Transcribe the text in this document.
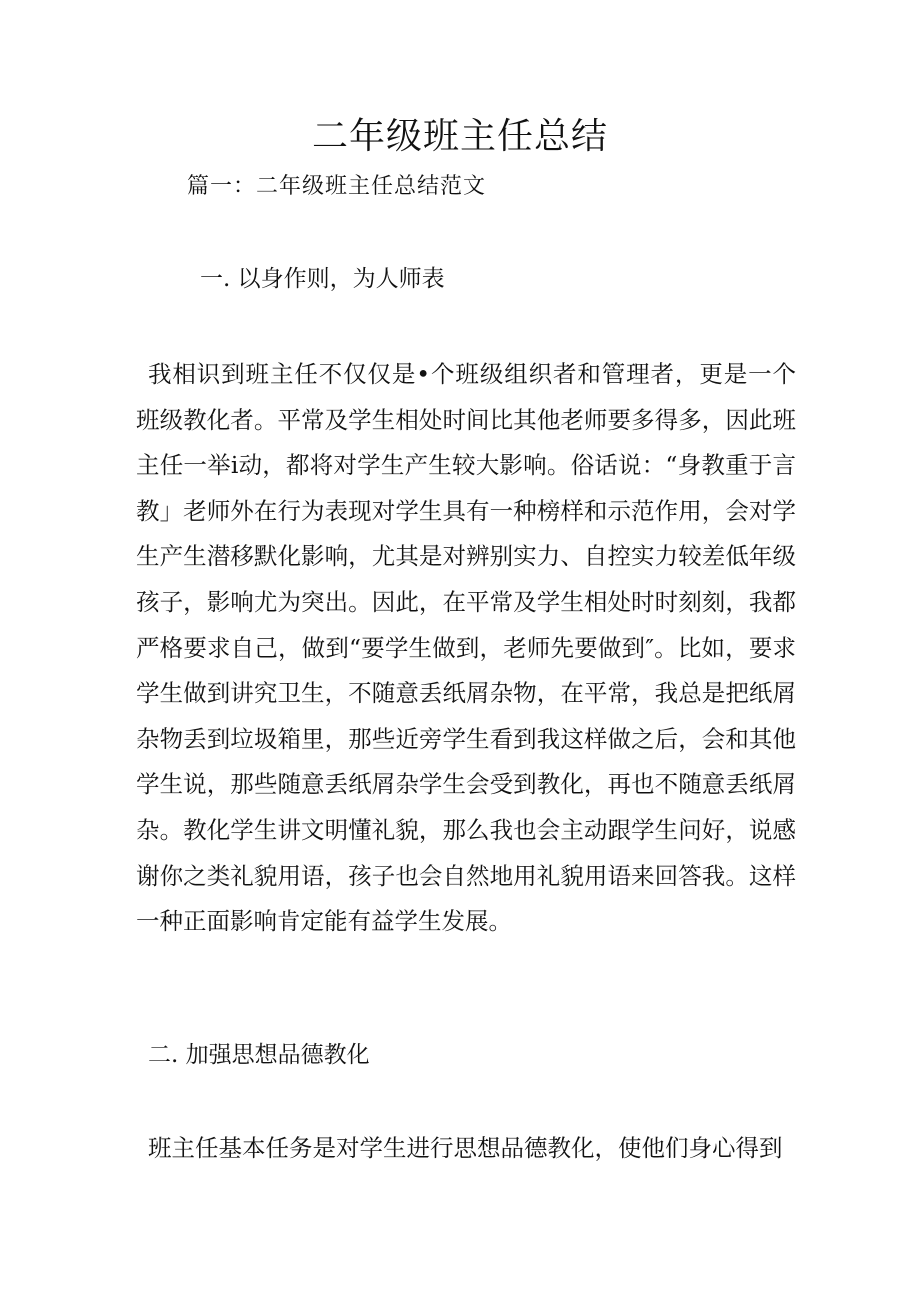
二年级班主任总结
篇一：二年级班主任总结范文
一. 以身作则，为人师表
我相识到班主任不仅仅是•个班级组织者和管理者，更是一个班级教化者。平常及学生相处时间比其他老师要多得多，因此班主任一举i动，都将对学生产生较大影响。俗话说：“身教重于言教」老师外在行为表现对学生具有一种榜样和示范作用，会对学生产生潜移默化影响，尤其是对辨别实力、自控实力较差低年级孩子，影响尤为突出。因此，在平常及学生相处时时刻刻，我都严格要求自己，做到“要学生做到，老师先要做到″。比如，要求学生做到讲究卫生，不随意丢纸屑杂物，在平常，我总是把纸屑杂物丢到垃圾箱里，那些近旁学生看到我这样做之后，会和其他学生说，那些随意丢纸屑杂学生会受到教化，再也不随意丢纸屑杂。教化学生讲文明懂礼貌，那么我也会主动跟学生问好，说感谢你之类礼貌用语，孩子也会自然地用礼貌用语来回答我。这样一种正面影响肯定能有益学生发展。
二. 加强思想品德教化
班主任基本任务是对学生进行思想品德教化，使他们身心得到
